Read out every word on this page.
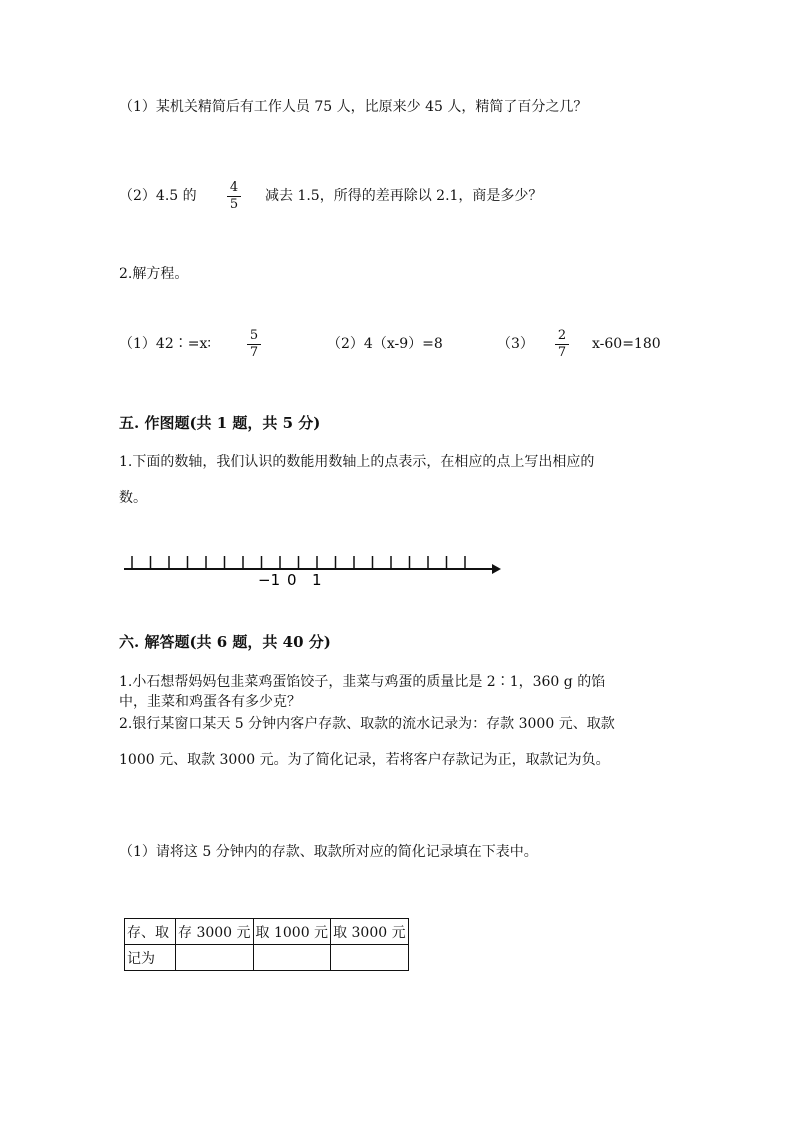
（1）某机关精简后有工作人员 75 人，比原来少 45 人，精简了百分之几？
（2）4.5 的
4
5
减去 1.5，所得的差再除以 2.1，商是多少？
2.解方程。
（1）42∶=x∶
5
7
（2）4（x-9）=8	（3）
2
7
x-60=180
五. 作图题(共 1 题，共 5 分)
1.下面的数轴，我们认识的数能用数轴上的点表示，在相应的点上写出相应的
数。
−1 0 1
六. 解答题(共 6 题，共 40 分)
1.小石想帮妈妈包韭菜鸡蛋馅饺子，韭菜与鸡蛋的质量比是 2∶1，360 g 的馅
中，韭菜和鸡蛋各有多少克？
2.银行某窗口某天 5 分钟内客户存款、取款的流水记录为：存款 3000 元、取款
1000 元、取款 3000 元。为了简化记录，若将客户存款记为正，取款记为负。
（1）请将这 5 分钟内的存款、取款所对应的简化记录填在下表中。
存、取	存 3000 元	取 1000 元	取 3000 元
记为			
